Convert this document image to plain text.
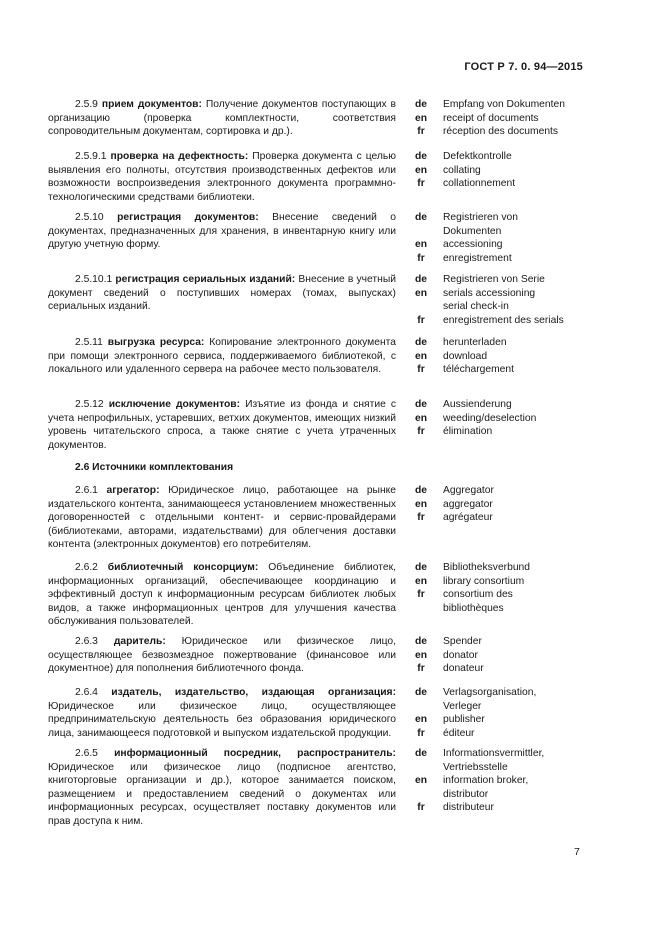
ГОСТ Р 7. 0. 94—2015
2.6 Источники комплектования
7
2.5.9 прием документов: Получение документов поступающих в организацию (проверка комплектности, соответствия сопроводительным документам, сортировка и др.).
de	Empfang von Dokumenten
en	receipt of documents
fr	réception des documents
2.5.9.1 проверка на дефектность: Проверка документа с целью выявления его полноты, отсутствия производственных дефектов или возможности воспроизведения электронного документа программно-технологическими средствами библиотеки.
de	Defektkontrolle
en	collating
fr	collationnement
2.5.10 регистрация документов: Внесение сведений о документах, предназначенных для хранения, в инвентарную книгу или другую учетную форму.
de	Registrieren von Dokumenten
en	accessioning
fr	enregistrement
2.5.10.1 регистрация сериальных изданий: Внесение в учетный документ сведений о поступивших номерах (томах, выпусках) сериальных изданий.
de	Registrieren von Serie
en	serials accessioning serial check-in
fr	enregistrement des serials
2.5.11 выгрузка ресурса: Копирование электронного документа при помощи электронного сервиса, поддерживаемого библиотекой, с локального или удаленного сервера на рабочее место пользователя.
de	herunterladen
en	download
fr	téléchargement
2.5.12 исключение документов: Изъятие из фонда и снятие с учета непрофильных, устаревших, ветхих документов, имеющих низкий уровень читательского спроса, а также снятие с учета утраченных документов.
de	Aussienderung
en	weeding/deselection
fr	élimination
2.6.1 агрегатор: Юридическое лицо, работающее на рынке издательского контента, занимающееся установлением множественных договоренностей с отдельными контент- и сервис-провайдерами (библиотеками, авторами, издательствами) для облегчения доставки контента (электронных документов) его потребителям.
de	Aggregator
en	aggregator
fr	agrégateur
2.6.2 библиотечный консорциум: Объединение библиотек, информационных организаций, обеспечивающее координацию и эффективный доступ к информационным ресурсам библиотек любых видов, а также информационных центров для улучшения качества обслуживания пользователей.
de	Bibliotheksverbund
en	library consortium
fr	consortium des bibliothèques
2.6.3 даритель: Юридическое или физическое лицо, осуществляющее безвозмездное пожертвование (финансовое или документное) для пополнения библиотечного фонда.
de	Spender
en	donator
fr	donateur
2.6.4 издатель, издательство, издающая организация: Юридическое или физическое лицо, осуществляющее предпринимательскую деятельность без образования юридического лица, занимающееся подготовкой и выпуском издательской продукции.
de	Verlagsorganisation, Verleger
en	publisher
fr	éditeur
2.6.5 информационный посредник, распространитель: Юридическое или физическое лицо (подписное агентство, книготорговые организации и др.), которое занимается поиском, размещением и предоставлением сведений о документах или информационных ресурсах, осуществляет поставку документов или прав доступа к ним.
de	Informationsvermittler, Vertriebsstelle
en	information broker, distributor
fr	distributeur
